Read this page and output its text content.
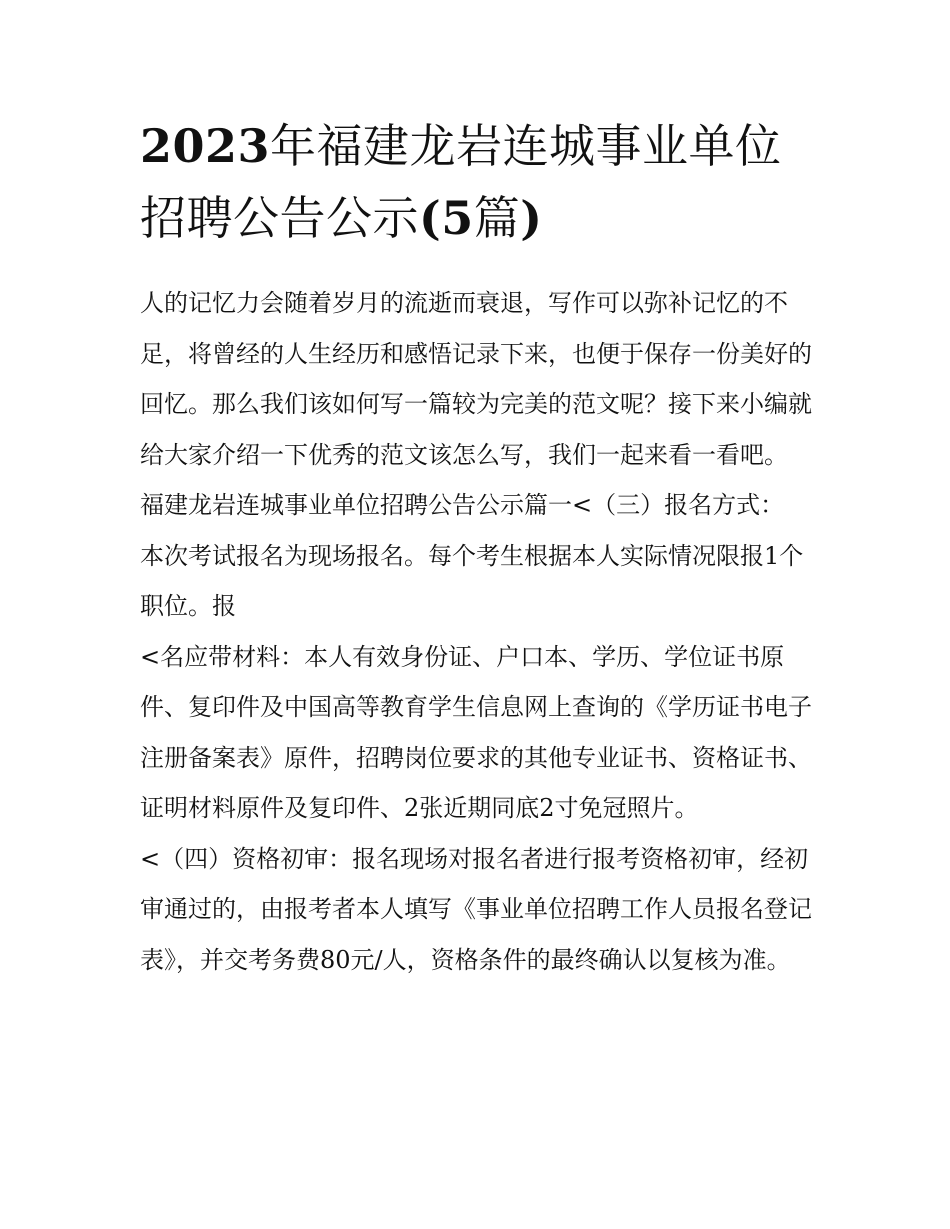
2023年福建龙岩连城事业单位
招聘公告公示(5篇)

人的记忆力会随着岁月的流逝而衰退，写作可以弥补记忆的不足，将曾经的人生经历和感悟记录下来，也便于保存一份美好的回忆。那么我们该如何写一篇较为完美的范文呢？接下来小编就给大家介绍一下优秀的范文该怎么写，我们一起来看一看吧。

福建龙岩连城事业单位招聘公告公示篇一<（三）报名方式：

本次考试报名为现场报名。每个考生根据本人实际情况限报1个职位。报

<名应带材料：本人有效身份证、户口本、学历、学位证书原件、复印件及中国高等教育学生信息网上查询的《学历证书电子注册备案表》原件，招聘岗位要求的其他专业证书、资格证书、证明材料原件及复印件、2张近期同底2寸免冠照片。

<（四）资格初审：报名现场对报名者进行报考资格初审，经初审通过的，由报考者本人填写《事业单位招聘工作人员报名登记表》，并交考务费80元/人，资格条件的最终确认以复核为准。
